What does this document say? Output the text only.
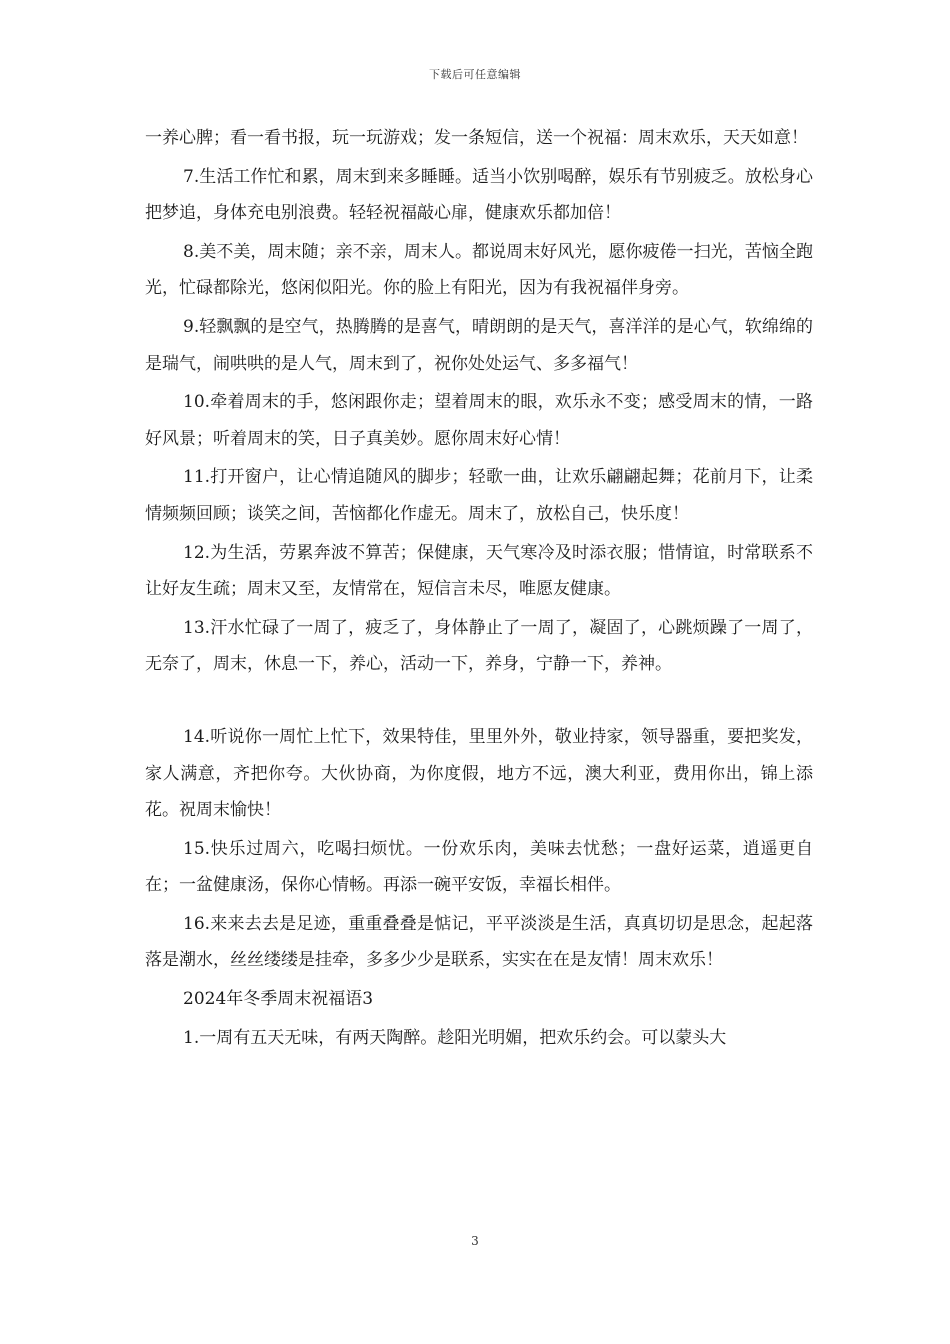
下载后可任意编辑

一养心脾；看一看书报，玩一玩游戏；发一条短信，送一个祝福：周末欢乐，天天如意！

7.生活工作忙和累，周末到来多睡睡。适当小饮别喝醉，娱乐有节别疲乏。放松身心把梦追，身体充电别浪费。轻轻祝福敲心扉，健康欢乐都加倍！

8.美不美，周末随；亲不亲，周末人。都说周末好风光，愿你疲倦一扫光，苦恼全跑光，忙碌都除光，悠闲似阳光。你的脸上有阳光，因为有我祝福伴身旁。

9.轻飘飘的是空气，热腾腾的是喜气，晴朗朗的是天气，喜洋洋的是心气，软绵绵的是瑞气，闹哄哄的是人气，周末到了，祝你处处运气、多多福气！

10.牵着周末的手，悠闲跟你走；望着周末的眼，欢乐永不变；感受周末的情，一路好风景；听着周末的笑，日子真美妙。愿你周末好心情！

11.打开窗户，让心情追随风的脚步；轻歌一曲，让欢乐翩翩起舞；花前月下，让柔情频频回顾；谈笑之间，苦恼都化作虚无。周末了，放松自己，快乐度！

12.为生活，劳累奔波不算苦；保健康，天气寒冷及时添衣服；惜情谊，时常联系不让好友生疏；周末又至，友情常在，短信言未尽，唯愿友健康。

13.汗水忙碌了一周了，疲乏了，身体静止了一周了，凝固了，心跳烦躁了一周了，无奈了，周末，休息一下，养心，活动一下，养身，宁静一下，养神。

14.听说你一周忙上忙下，效果特佳，里里外外，敬业持家，领导器重，要把奖发，家人满意，齐把你夸。大伙协商，为你度假，地方不远，澳大利亚，费用你出，锦上添花。祝周末愉快！

15.快乐过周六，吃喝扫烦忧。一份欢乐肉，美味去忧愁；一盘好运菜，逍遥更自在；一盆健康汤，保你心情畅。再添一碗平安饭，幸福长相伴。

16.来来去去是足迹，重重叠叠是惦记，平平淡淡是生活，真真切切是思念，起起落落是潮水，丝丝缕缕是挂牵，多多少少是联系，实实在在是友情！周末欢乐！

2024年冬季周末祝福语3

1.一周有五天无味，有两天陶醉。趁阳光明媚，把欢乐约会。可以蒙头大

3
